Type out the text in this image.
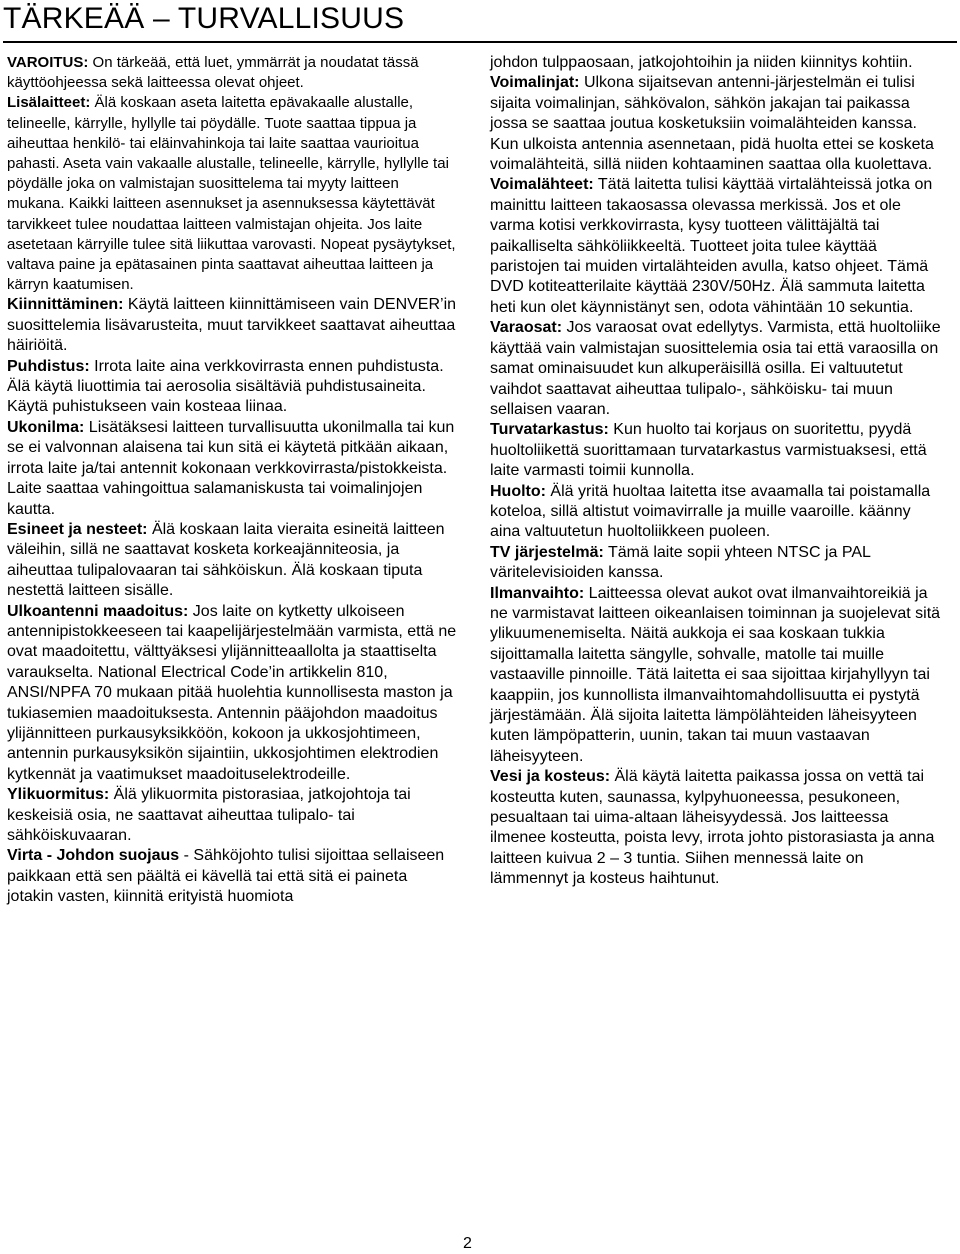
TÄRKEÄÄ – TURVALLISUUS

VAROITUS: On tärkeää, että luet, ymmärrät ja noudatat tässä käyttöohjeessa sekä laitteessa olevat ohjeet.

Lisälaitteet: Älä koskaan aseta laitetta epävakaalle alustalle, telineelle, kärrylle, hyllylle tai pöydälle. Tuote saattaa tippua ja aiheuttaa henkilö- tai eläinvahinkoja tai laite saattaa vaurioitua pahasti. Aseta vain vakaalle alustalle, telineelle, kärrylle, hyllylle tai pöydälle joka on valmistajan suosittelema tai myyty laitteen mukana. Kaikki laitteen asennukset ja asennuksessa käytettävät tarvikkeet tulee noudattaa laitteen valmistajan ohjeita. Jos laite asetetaan kärryille tulee sitä liikuttaa varovasti. Nopeat pysäytykset, valtava paine ja epätasainen pinta saattavat aiheuttaa laitteen ja kärryn kaatumisen.

Kiinnittäminen: Käytä laitteen kiinnittämiseen vain DENVER’in suosittelemia lisävarusteita, muut tarvikkeet saattavat aiheuttaa häiriöitä.

Puhdistus: Irrota laite aina verkkovirrasta ennen puhdistusta. Älä käytä liuottimia tai aerosolia sisältäviä puhdistusaineita. Käytä puhistukseen vain kosteaa liinaa.

Ukonilma: Lisätäksesi laitteen turvallisuutta ukonilmalla tai kun se ei valvonnan alaisena tai kun sitä ei käytetä pitkään aikaan, irrota laite ja/tai antennit kokonaan verkkovirrasta/pistokkeista. Laite saattaa vahingoittua salamaniskusta tai voimalinjojen kautta.

Esineet ja nesteet: Älä koskaan laita vieraita esineitä laitteen väleihin, sillä ne saattavat kosketa korkeajänniteosia, ja aiheuttaa tulipalovaaran tai sähköiskun. Älä koskaan tiputa nestettä laitteen sisälle.

Ulkoantenni maadoitus: Jos laite on kytketty ulkoiseen antennipistokkeeseen tai kaapelijärjestelmään varmista, että ne ovat maadoitettu, välttyäksesi ylijännitteaallolta ja staattiselta varaukselta. National Electrical Code’in artikkelin 810, ANSI/NPFA 70 mukaan pitää huolehtia kunnollisesta maston ja tukiasemien maadoituksesta. Antennin pääjohdon maadoitus ylijännitteen purkausyksikköön, kokoon ja ukkosjohtimeen, antennin purkausyksikön sijaintiin, ukkosjohtimen elektrodien kytkennät ja vaatimukset maadoituselektrodeille.

Ylikuormitus: Älä ylikuormita pistorasiaa, jatkojohtoja tai keskeisiä osia, ne saattavat aiheuttaa tulipalo- tai sähköiskuvaaran.

Virta - Johdon suojaus - Sähköjohto tulisi sijoittaa sellaiseen paikkaan että sen päältä ei kävellä tai että sitä ei paineta jotakin vasten, kiinnitä erityistä huomiota

johdon tulppaosaan, jatkojohtoihin ja niiden kiinnitys kohtiin.

Voimalinjat: Ulkona sijaitsevan antenni-järjestelmän ei tulisi sijaita voimalinjan, sähkövalon, sähkön jakajan tai paikassa jossa se saattaa joutua kosketuksiin voimalähteiden kanssa. Kun ulkoista antennia asennetaan, pidä huolta ettei se kosketa voimalähteitä, sillä niiden kohtaaminen saattaa olla kuolettava.

Voimalähteet: Tätä laitetta tulisi käyttää virtalähteissä jotka on mainittu laitteen takaosassa olevassa merkissä. Jos et ole varma kotisi verkkovirrasta, kysy tuotteen välittäjältä tai paikalliselta sähköliikkeeltä. Tuotteet joita tulee käyttää paristojen tai muiden virtalähteiden avulla, katso ohjeet. Tämä DVD kotiteatterilaite käyttää 230V/50Hz. Älä sammuta laitetta heti kun olet käynnistänyt sen, odota vähintään 10 sekuntia.

Varaosat: Jos varaosat ovat edellytys. Varmista, että huoltoliike käyttää vain valmistajan suosittelemia osia tai että varaosilla on samat ominaisuudet kun alkuperäisillä osilla. Ei valtuutetut vaihdot saattavat aiheuttaa tulipalo-, sähköisku- tai muun sellaisen vaaran.

Turvatarkastus: Kun huolto tai korjaus on suoritettu, pyydä huoltoliikettä suorittamaan turvatarkastus varmistuaksesi, että laite varmasti toimii kunnolla.

Huolto: Älä yritä huoltaa laitetta itse avaamalla tai poistamalla koteloa, sillä altistut voimavirralle ja muille vaaroille. käänny aina valtuutetun huoltoliikkeen puoleen.

TV järjestelmä: Tämä laite sopii yhteen NTSC ja PAL väritelevisioiden kanssa.

Ilmanvaihto: Laitteessa olevat aukot ovat ilmanvaihtoreikiä ja ne varmistavat laitteen oikeanlaisen toiminnan ja suojelevat sitä ylikuumenemiselta. Näitä aukkoja ei saa koskaan tukkia sijoittamalla laitetta sängylle, sohvalle, matolle tai muille vastaaville pinnoille. Tätä laitetta ei saa sijoittaa kirjahyllyyn tai kaappiin, jos kunnollista ilmanvaihtomahdollisuutta ei pystytä järjestämään. Älä sijoita laitetta lämpölähteiden läheisyyteen kuten lämpöpatterin, uunin, takan tai muun vastaavan läheisyyteen.

Vesi ja kosteus: Älä käytä laitetta paikassa jossa on vettä tai kosteutta kuten, saunassa, kylpyhuoneessa, pesukoneen, pesualtaan tai uima-altaan läheisyydessä. Jos laitteessa ilmenee kosteutta, poista levy, irrota johto pistorasiasta ja anna laitteen kuivua 2 – 3 tuntia. Siihen mennessä laite on lämmennyt ja kosteus haihtunut.

2
